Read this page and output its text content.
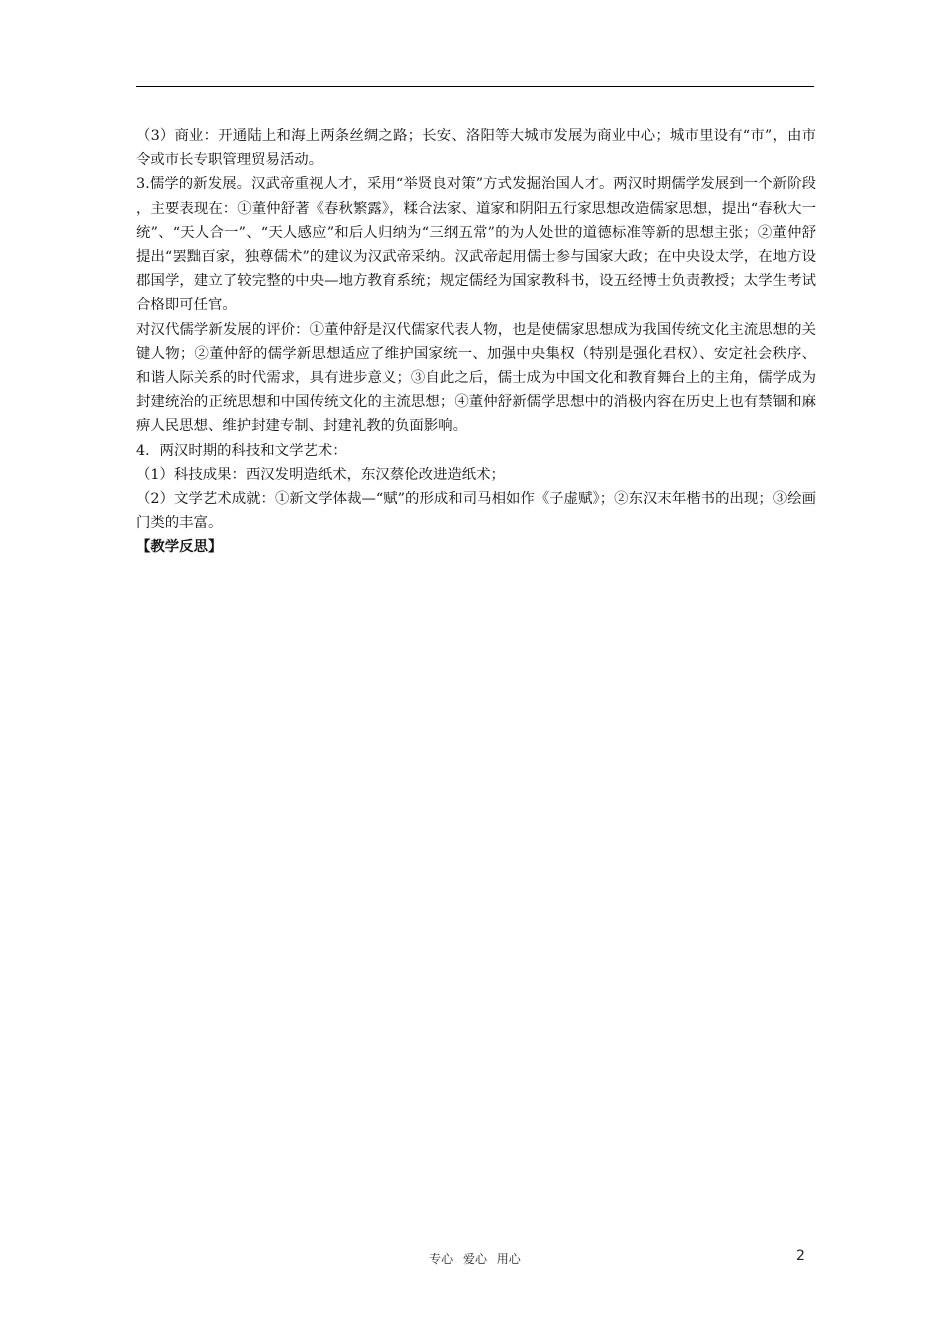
（3）商业：开通陆上和海上两条丝绸之路；长安、洛阳等大城市发展为商业中心；城市里设有“市”，由市令或市长专职管理贸易活动。

3.儒学的新发展。汉武帝重视人才，采用“举贤良对策”方式发掘治国人才。两汉时期儒学发展到一个新阶段，主要表现在：①董仲舒著《春秋繁露》，糅合法家、道家和阴阳五行家思想改造儒家思想，提出“春秋大一统”、“天人合一”、“天人感应”和后人归纳为“三纲五常”的为人处世的道德标准等新的思想主张；②董仲舒提出“罢黜百家，独尊儒术”的建议为汉武帝采纳。汉武帝起用儒士参与国家大政；在中央设太学，在地方设郡国学，建立了较完整的中央—地方教育系统；规定儒经为国家教科书，设五经博士负责教授；太学生考试合格即可任官。

对汉代儒学新发展的评价：①董仲舒是汉代儒家代表人物，也是使儒家思想成为我国传统文化主流思想的关键人物；②董仲舒的儒学新思想适应了维护国家统一、加强中央集权（特别是强化君权）、安定社会秩序、和谐人际关系的时代需求，具有进步意义；③自此之后，儒士成为中国文化和教育舞台上的主角，儒学成为封建统治的正统思想和中国传统文化的主流思想；④董仲舒新儒学思想中的消极内容在历史上也有禁锢和麻痹人民思想、维护封建专制、封建礼教的负面影响。

4．两汉时期的科技和文学艺术：

（1）科技成果：西汉发明造纸术，东汉蔡伦改进造纸术；

（2）文学艺术成就：①新文学体裁—“赋”的形成和司马相如作《子虚赋》；②东汉末年楷书的出现；③绘画门类的丰富。

【教学反思】

专心 爱心 用心	2
